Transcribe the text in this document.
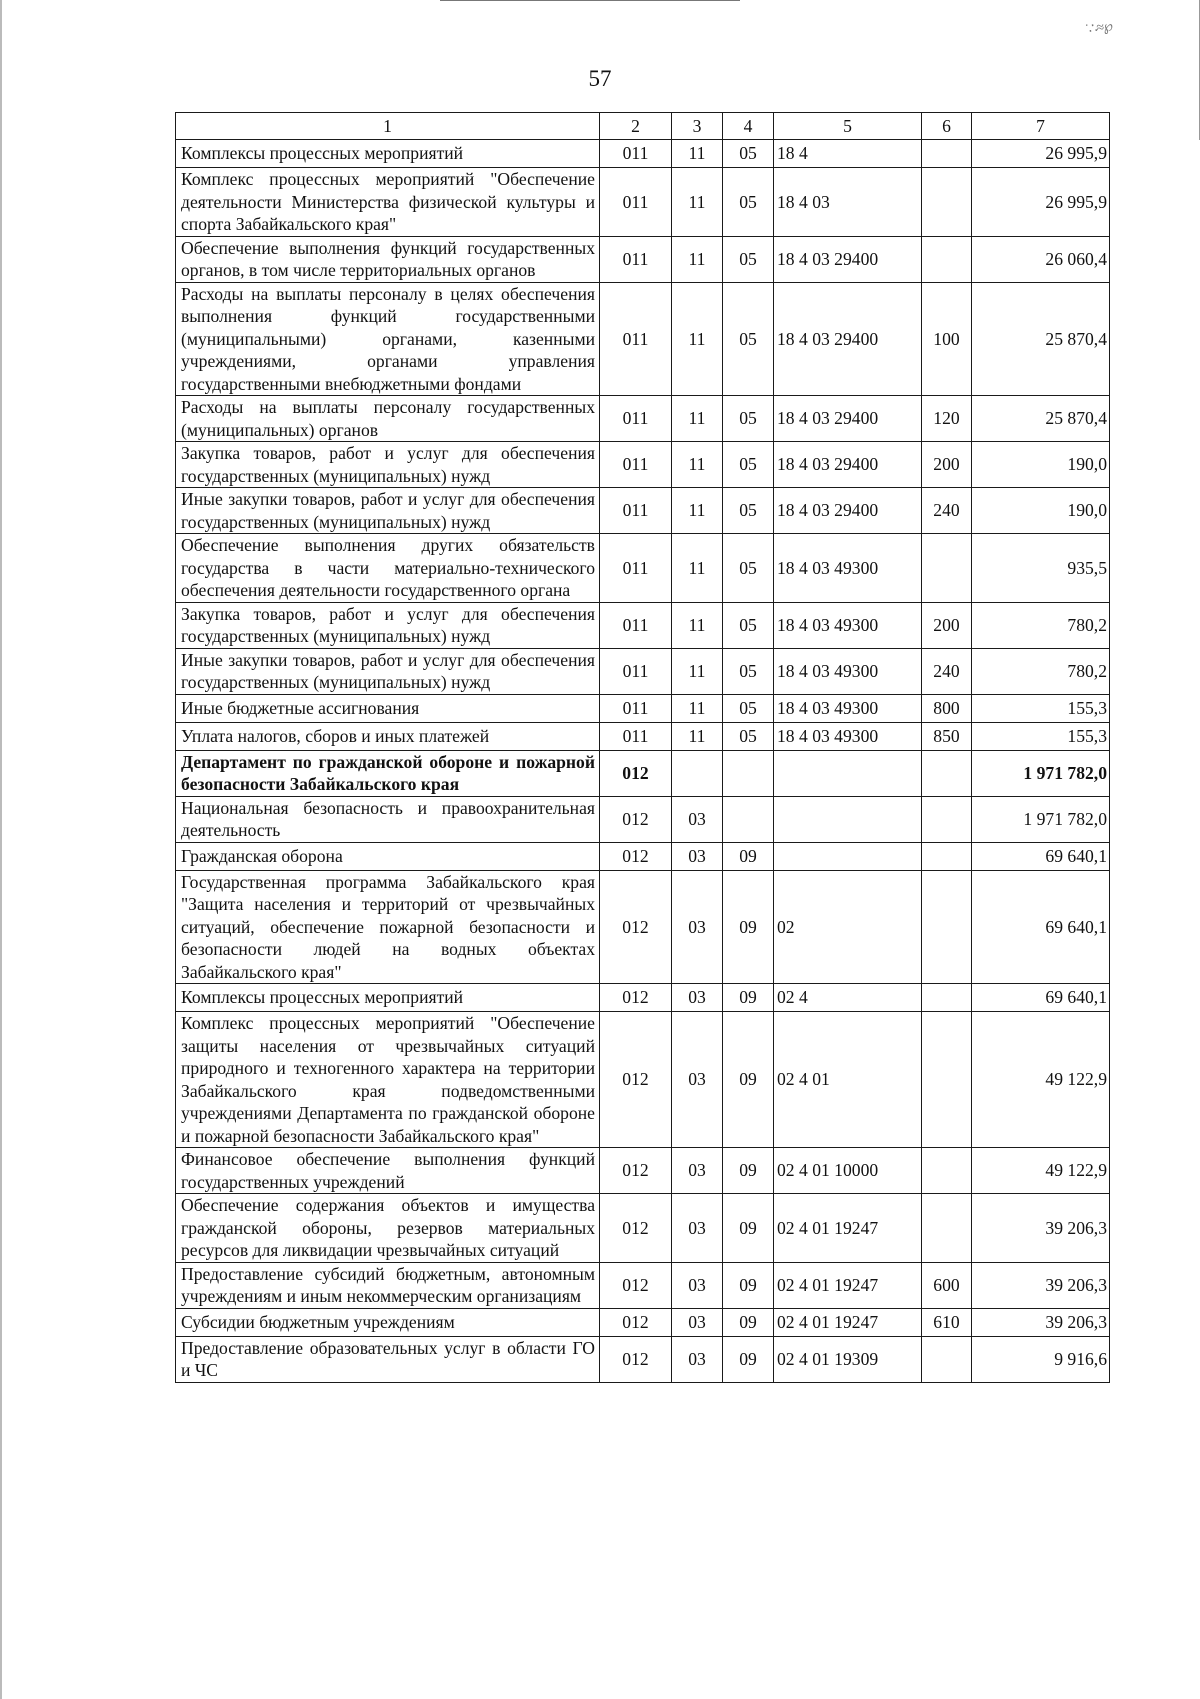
˙∴≈℘
57
1	2	3	4	5	6	7
Комплексы процессных мероприятий	011	11	05	18 4		26 995,9
Комплекс процессных мероприятий "Обеспечение деятельности Министерства физической культуры и спорта Забайкальского края"	011	11	05	18 4 03		26 995,9
Обеспечение выполнения функций государственных органов, в том числе территориальных органов	011	11	05	18 4 03 29400		26 060,4
Расходы на выплаты персоналу в целях обеспечения выполнения функций государственными (муниципальными) органами, казенными учреждениями, органами управления государственными внебюджетными фондами	011	11	05	18 4 03 29400	100	25 870,4
Расходы на выплаты персоналу государственных (муниципальных) органов	011	11	05	18 4 03 29400	120	25 870,4
Закупка товаров, работ и услуг для обеспечения государственных (муниципальных) нужд	011	11	05	18 4 03 29400	200	190,0
Иные закупки товаров, работ и услуг для обеспечения государственных (муниципальных) нужд	011	11	05	18 4 03 29400	240	190,0
Обеспечение выполнения других обязательств государства в части материально-технического обеспечения деятельности государственного органа	011	11	05	18 4 03 49300		935,5
Закупка товаров, работ и услуг для обеспечения государственных (муниципальных) нужд	011	11	05	18 4 03 49300	200	780,2
Иные закупки товаров, работ и услуг для обеспечения государственных (муниципальных) нужд	011	11	05	18 4 03 49300	240	780,2
Иные бюджетные ассигнования	011	11	05	18 4 03 49300	800	155,3
Уплата налогов, сборов и иных платежей	011	11	05	18 4 03 49300	850	155,3
Департамент по гражданской обороне и пожарной безопасности Забайкальского края	012					1 971 782,0
Национальная безопасность и правоохранительная деятельность	012	03				1 971 782,0
Гражданская оборона	012	03	09			69 640,1
Государственная программа Забайкальского края "Защита населения и территорий от чрезвычайных ситуаций, обеспечение пожарной безопасности и безопасности людей на водных объектах Забайкальского края"	012	03	09	02		69 640,1
Комплексы процессных мероприятий	012	03	09	02 4		69 640,1
Комплекс процессных мероприятий "Обеспечение защиты населения от чрезвычайных ситуаций природного и техногенного характера на территории Забайкальского края подведомственными учреждениями Департамента по гражданской обороне и пожарной безопасности Забайкальского края"	012	03	09	02 4 01		49 122,9
Финансовое обеспечение выполнения функций государственных учреждений	012	03	09	02 4 01 10000		49 122,9
Обеспечение содержания объектов и имущества гражданской обороны, резервов материальных ресурсов для ликвидации чрезвычайных ситуаций	012	03	09	02 4 01 19247		39 206,3
Предоставление субсидий бюджетным, автономным учреждениям и иным некоммерческим организациям	012	03	09	02 4 01 19247	600	39 206,3
Субсидии бюджетным учреждениям	012	03	09	02 4 01 19247	610	39 206,3
Предоставление образовательных услуг в области ГО и ЧС	012	03	09	02 4 01 19309		9 916,6
